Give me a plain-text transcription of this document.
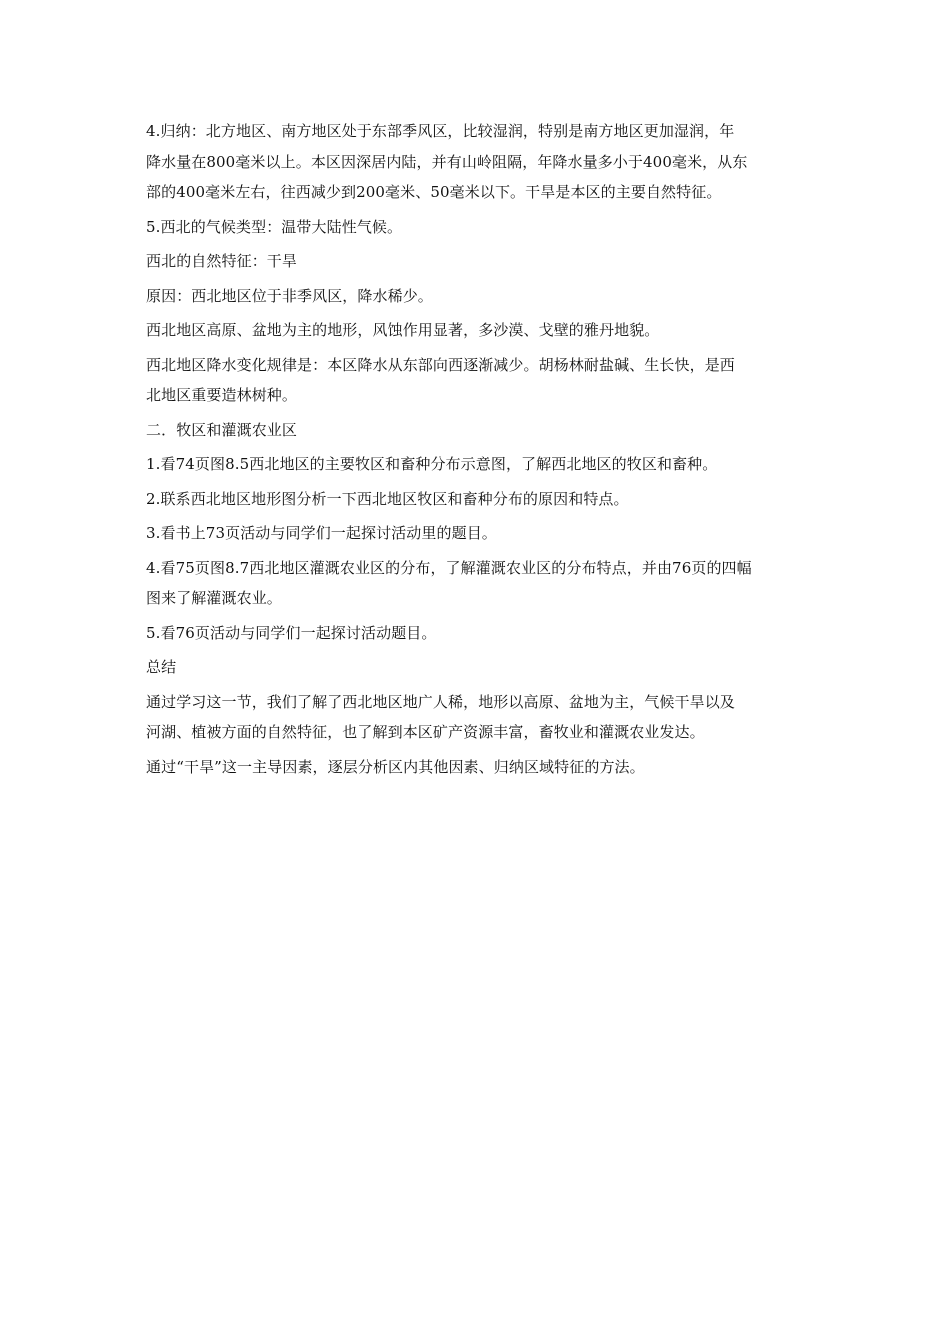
4.归纳：北方地区、南方地区处于东部季风区，比较湿润，特别是南方地区更加湿润，年
降水量在800毫米以上。本区因深居内陆，并有山岭阻隔，年降水量多小于400毫米，从东
部的400毫米左右，往西减少到200毫米、50毫米以下。干旱是本区的主要自然特征。

5.西北的气候类型：温带大陆性气候。

西北的自然特征：干旱

原因：西北地区位于非季风区，降水稀少。

西北地区高原、盆地为主的地形，风蚀作用显著，多沙漠、戈壁的雅丹地貌。

西北地区降水变化规律是：本区降水从东部向西逐渐减少。胡杨林耐盐碱、生长快，是西
北地区重要造林树种。

二．牧区和灌溉农业区

1.看74页图8.5西北地区的主要牧区和畜种分布示意图，了解西北地区的牧区和畜种。

2.联系西北地区地形图分析一下西北地区牧区和畜种分布的原因和特点。

3.看书上73页活动与同学们一起探讨活动里的题目。

4.看75页图8.7西北地区灌溉农业区的分布，了解灌溉农业区的分布特点，并由76页的四幅
图来了解灌溉农业。

5.看76页活动与同学们一起探讨活动题目。

总结

通过学习这一节，我们了解了西北地区地广人稀，地形以高原、盆地为主，气候干旱以及
河湖、植被方面的自然特征，也了解到本区矿产资源丰富，畜牧业和灌溉农业发达。

通过“干旱”这一主导因素，逐层分析区内其他因素、归纳区域特征的方法。
